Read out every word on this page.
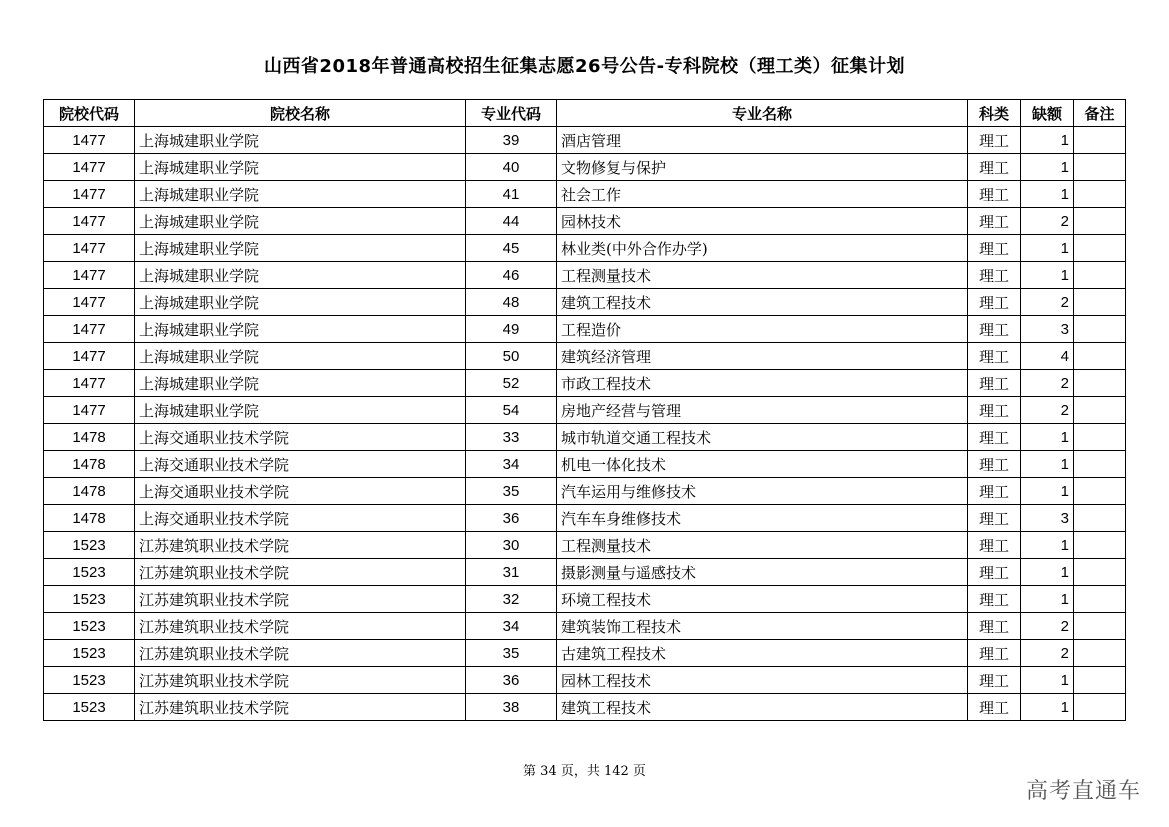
山西省2018年普通高校招生征集志愿26号公告-专科院校（理工类）征集计划
院校代码	院校名称	专业代码	专业名称	科类	缺额	备注
1477	上海城建职业学院	39	酒店管理	理工	1	
1477	上海城建职业学院	40	文物修复与保护	理工	1	
1477	上海城建职业学院	41	社会工作	理工	1	
1477	上海城建职业学院	44	园林技术	理工	2	
1477	上海城建职业学院	45	林业类(中外合作办学)	理工	1	
1477	上海城建职业学院	46	工程测量技术	理工	1	
1477	上海城建职业学院	48	建筑工程技术	理工	2	
1477	上海城建职业学院	49	工程造价	理工	3	
1477	上海城建职业学院	50	建筑经济管理	理工	4	
1477	上海城建职业学院	52	市政工程技术	理工	2	
1477	上海城建职业学院	54	房地产经营与管理	理工	2	
1478	上海交通职业技术学院	33	城市轨道交通工程技术	理工	1	
1478	上海交通职业技术学院	34	机电一体化技术	理工	1	
1478	上海交通职业技术学院	35	汽车运用与维修技术	理工	1	
1478	上海交通职业技术学院	36	汽车车身维修技术	理工	3	
1523	江苏建筑职业技术学院	30	工程测量技术	理工	1	
1523	江苏建筑职业技术学院	31	摄影测量与遥感技术	理工	1	
1523	江苏建筑职业技术学院	32	环境工程技术	理工	1	
1523	江苏建筑职业技术学院	34	建筑装饰工程技术	理工	2	
1523	江苏建筑职业技术学院	35	古建筑工程技术	理工	2	
1523	江苏建筑职业技术学院	36	园林工程技术	理工	1	
1523	江苏建筑职业技术学院	38	建筑工程技术	理工	1	
第 34 页，共 142 页
高考直通车
